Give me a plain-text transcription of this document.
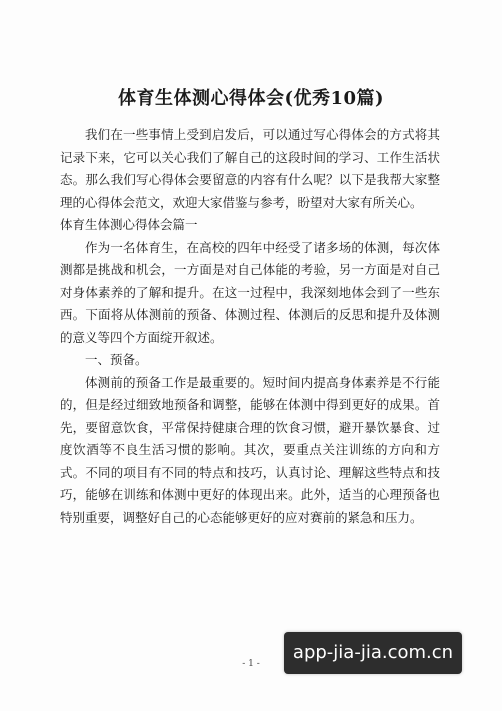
体育生体测心得体会(优秀10篇)

我们在一些事情上受到启发后，可以通过写心得体会的方式将其记录下来，它可以关心我们了解自己的这段时间的学习、工作生活状态。那么我们写心得体会要留意的内容有什么呢？以下是我帮大家整理的心得体会范文，欢迎大家借鉴与参考，盼望对大家有所关心。

体育生体测心得体会篇一

作为一名体育生，在高校的四年中经受了诸多场的体测，每次体测都是挑战和机会，一方面是对自己体能的考验，另一方面是对自己对身体素养的了解和提升。在这一过程中，我深刻地体会到了一些东西。下面将从体测前的预备、体测过程、体测后的反思和提升及体测的意义等四个方面绽开叙述。

一、预备。

体测前的预备工作是最重要的。短时间内提高身体素养是不行能的，但是经过细致地预备和调整，能够在体测中得到更好的成果。首先，要留意饮食，平常保持健康合理的饮食习惯，避开暴饮暴食、过度饮酒等不良生活习惯的影响。其次，要重点关注训练的方向和方式。不同的项目有不同的特点和技巧，认真讨论、理解这些特点和技巧，能够在训练和体测中更好的体现出来。此外，适当的心理预备也特别重要，调整好自己的心态能够更好的应对赛前的紧急和压力。

- 1 -
app-jia-jia.com.cn
